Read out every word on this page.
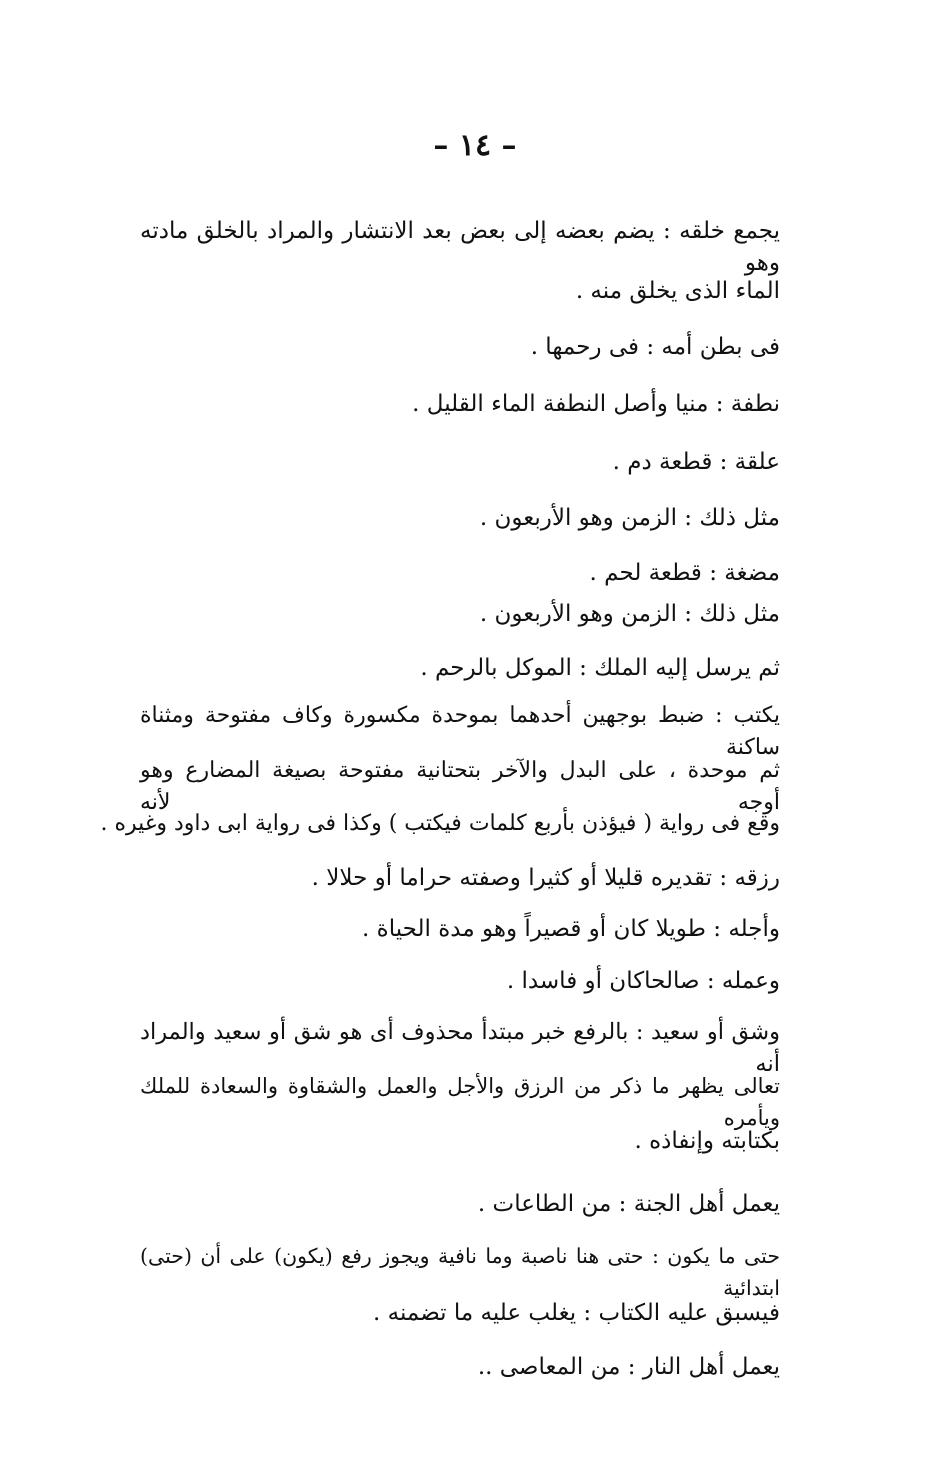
– ١٤ –
يجمع خلقه : يضم بعضه إلى بعض بعد الانتشار والمراد بالخلق مادته وهو
الماء الذى يخلق منه .
فى بطن أمه : فى رحمها .
نطفة : منيا وأصل النطفة الماء القليل .
علقة : قطعة دم .
مثل ذلك : الزمن وهو الأربعون .
مضغة : قطعة لحم .
مثل ذلك : الزمن وهو الأربعون .
ثم يرسل إليه الملك : الموكل بالرحم .
يكتب : ضبط بوجهين أحدهما بموحدة مكسورة وكاف مفتوحة ومثناة ساكنة
ثم موحدة ، على البدل والآخر بتحتانية مفتوحة بصيغة المضارع وهو أوجه لأنه
وقع فى رواية ( فيؤذن بأربع كلمات فيكتب ) وكذا فى رواية ابى داود وغيره .
رزقه : تقديره قليلا أو كثيرا وصفته حراما أو حلالا .
وأجله : طويلا كان أو قصيراً وهو مدة الحياة .
وعمله : صالحاكان أو فاسدا .
وشق أو سعيد : بالرفع خبر مبتدأ محذوف أى هو شق أو سعيد والمراد أنه
تعالى يظهر ما ذكر من الرزق والأجل والعمل والشقاوة والسعادة للملك ويأمره
بكتابته وإنفاذه .
يعمل أهل الجنة : من الطاعات .
حتى ما يكون : حتى هنا ناصبة وما نافية ويجوز رفع (يكون) على أن (حتى) ابتدائية
فيسبق عليه الكتاب : يغلب عليه ما تضمنه .
يعمل أهل النار : من المعاصى ..
